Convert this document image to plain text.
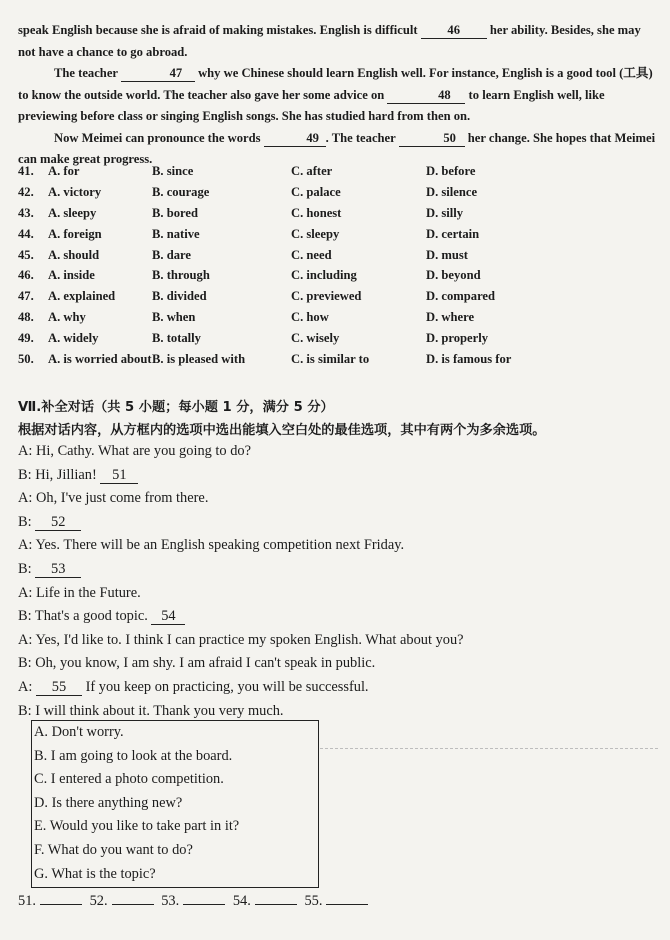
speak English because she is afraid of making mistakes. English is difficult 46 her ability. Besides, she may not have a chance to go abroad.

The teacher	47 why we Chinese should learn English well. For instance, English is a good tool (工具) to know the outside world. The teacher also gave her some advice on	48 to learn English well, like previewing before class or singing English songs. She has studied hard from then on.

Now Meimei can pronounce the words	49 . The teacher	50 her change. She hopes that Meimei can make great progress.

41. A. for	B. since	C. after	D. before
42. A. victory	B. courage	C. palace	D. silence
43. A. sleepy	B. bored	C. honest	D. silly
44. A. foreign	B. native	C. sleepy	D. certain
45. A. should	B. dare	C. need	D. must
46. A. inside	B. through	C. including	D. beyond
47. A. explained	B. divided	C. previewed	D. compared
48. A. why	B. when	C. how	D. where
49. A. widely	B. totally	C. wisely	D. properly
50. A. is worried about B. is pleased with	C. is similar to	D. is famous for
Ⅶ.补全对话（共 5 小题；每小题 1 分，满分 5 分）
根据对话内容，从方框内的选项中选出能填入空白处的最佳选项，其中有两个为多余选项。

A: Hi, Cathy. What are you going to do?

B: Hi, Jillian! 51

A: Oh, I've just come from there.

B: 52

A: Yes. There will be an English speaking competition next Friday.

B: 53

A: Life in the Future.

B: That's a good topic. 54

A: Yes, I'd like to. I think I can practice my spoken English. What about you?

B: Oh, you know, I am shy. I am afraid I can't speak in public.

A: 55 If you keep on practicing, you will be successful.

B: I will think about it. Thank you very much.

A. Don't worry.
B. I am going to look at the board.
C. I entered a photo competition.
D. Is there anything new?
E. Would you like to take part in it?
F. What do you want to do?
G. What is the topic?
51.	52.	53.	54.	55.
